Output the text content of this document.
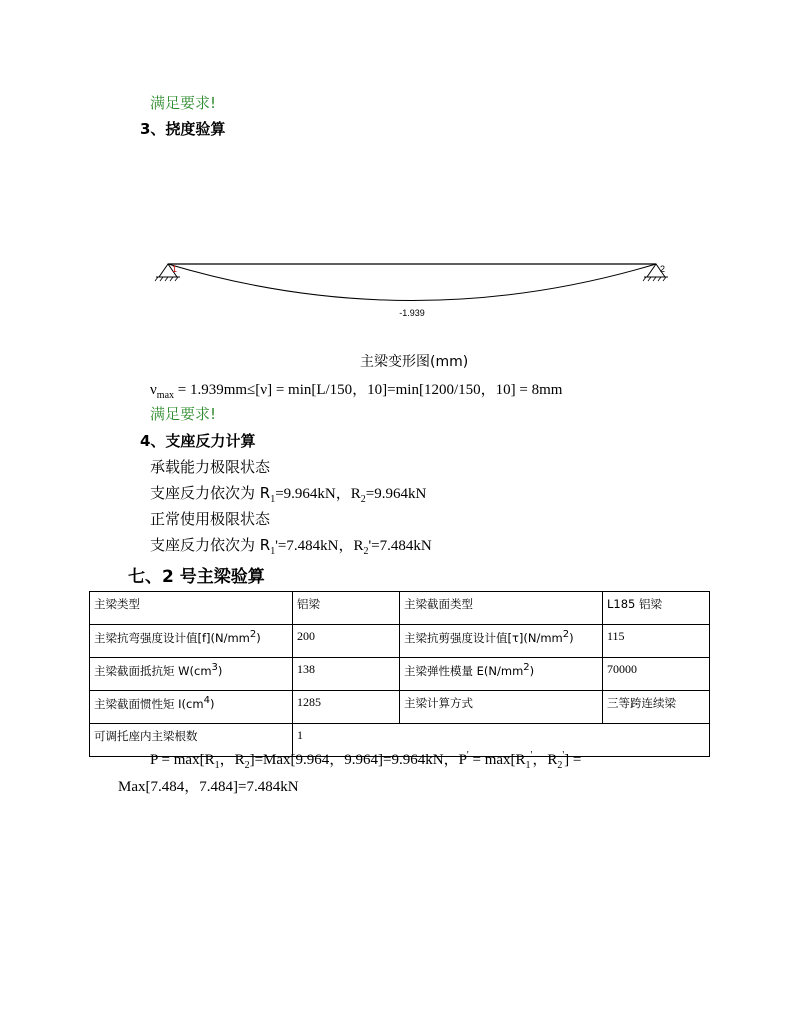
满足要求!
3、挠度验算
1	2
-1.939
主梁变形图(mm)
$\nu_{max} = 1.939mm\le[\nu] = \min[L/150$，10]=min[1200/150，10] = 8mm
满足要求!
4、支座反力计算
承载能力极限状态
支座反力依次为 $R_1=9.964kN$，$R_2=9.964kN$
正常使用极限状态
支座反力依次为 $R_1'=7.484kN$，$R_2'=7.484kN$
七、2 号主梁验算
主梁类型	铝梁	主梁截面类型	L185 铝梁
主梁抗弯强度设计值$[f](N/mm^2)$	200	主梁抗剪强度设计值$[\tau](N/mm^2)$	115
主梁截面抵抗矩 $W(cm^3)$	138	主梁弹性模量 $E(N/mm^2)$	70000
主梁截面惯性矩 $I(cm^4)$	1285	主梁计算方式	三等跨连续梁
可调托座内主梁根数	1		
$P = \max[R_1$，$R_2]=Max[9.964$，9.964]=9.964kN，$P' = \max[R_1'$，$R_2'$] =
Max[7.484，7.484]=7.484kN
